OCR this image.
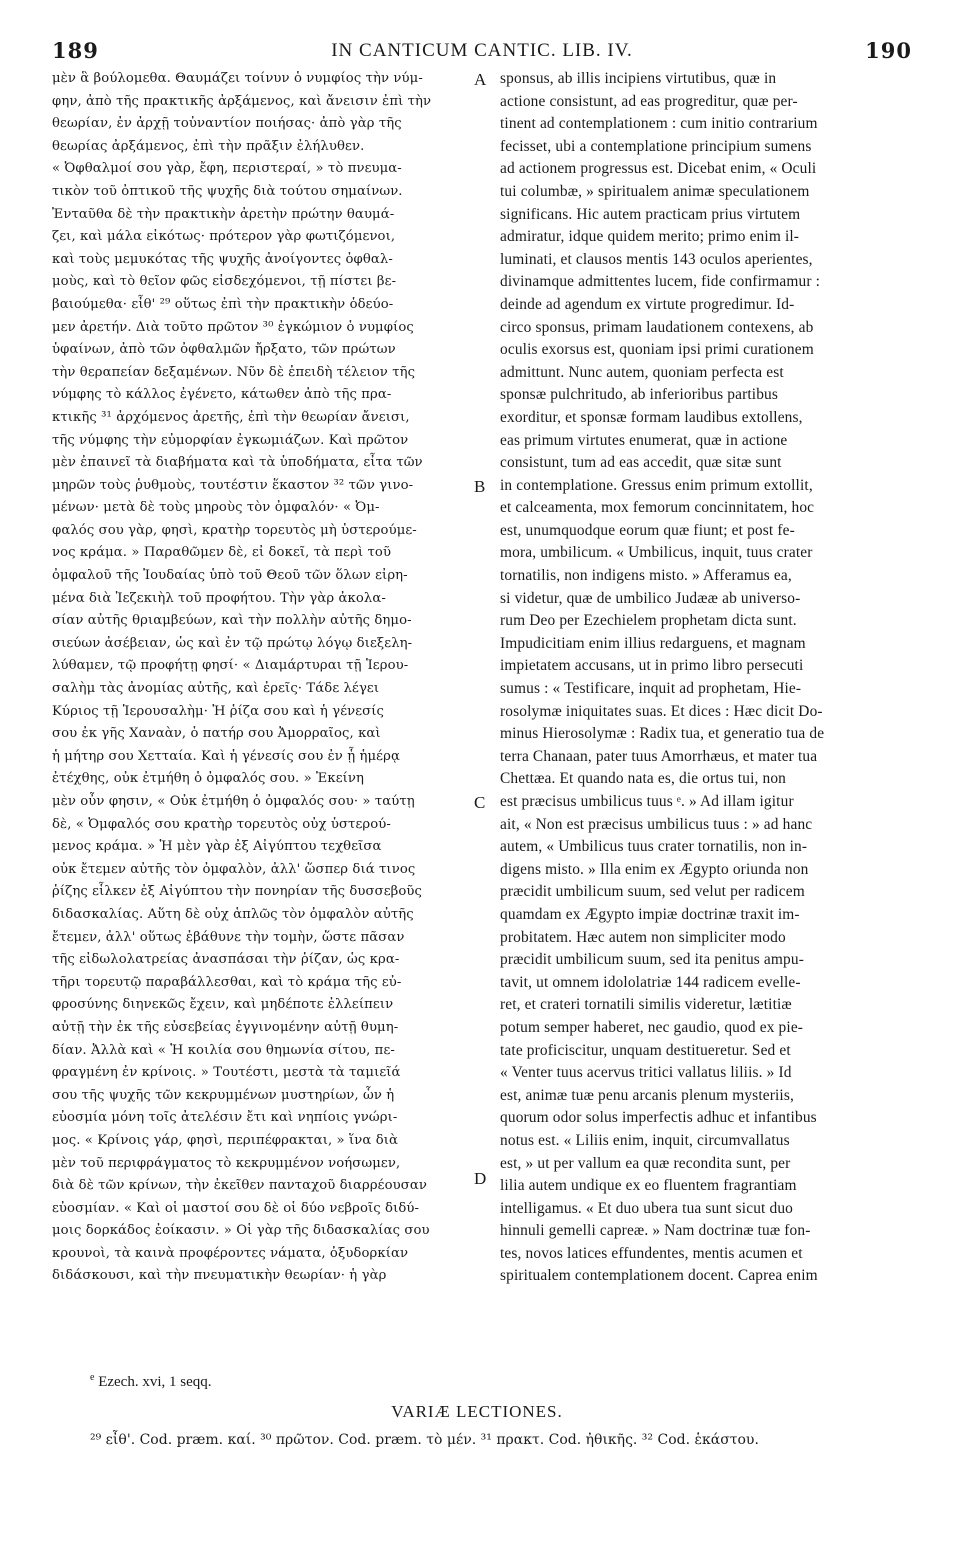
189	IN CANTICUM CANTIC. LIB. IV.	190
μὲν ἃ βούλομεθα. Θαυμάζει τοίνυν ὁ νυμφίος τὴν νύμ-
φην, ἀπὸ τῆς πρακτικῆς ἀρξάμενος, καὶ ἄνεισιν ἐπὶ τὴν
θεωρίαν, ἐν ἀρχῇ τοὐναντίον ποιήσας· ἀπὸ γὰρ τῆς
θεωρίας ἀρξάμενος, ἐπὶ τὴν πρᾶξιν ἐλήλυθεν.
« Ὀφθαλμοί σου γὰρ, ἔφη, περιστεραί, » τὸ πνευμα-
τικὸν τοῦ ὀπτικοῦ τῆς ψυχῆς διὰ τούτου σημαίνων.
Ἐνταῦθα δὲ τὴν πρακτικὴν ἀρετὴν πρώτην θαυμά-
ζει, καὶ μάλα εἰκότως· πρότερον γὰρ φωτιζόμενοι,
καὶ τοὺς μεμυκότας τῆς ψυχῆς ἀνοίγοντες ὀφθαλ-
μοὺς, καὶ τὸ θεῖον φῶς εἰσδεχόμενοι, τῇ πίστει βε-
βαιούμεθα· εἶθ' ²⁹ οὕτως ἐπὶ τὴν πρακτικὴν ὁδεύο-
μεν ἀρετήν. Διὰ τοῦτο πρῶτον ³⁰ ἐγκώμιον ὁ νυμφίος
ὑφαίνων, ἀπὸ τῶν ὀφθαλμῶν ἤρξατο, τῶν πρώτων
τὴν θεραπείαν δεξαμένων. Νῦν δὲ ἐπειδὴ τέλειον τῆς
νύμφης τὸ κάλλος ἐγένετο, κάτωθεν ἀπὸ τῆς πρα-
κτικῆς ³¹ ἀρχόμενος ἀρετῆς, ἐπὶ τὴν θεωρίαν ἄνεισι,
τῆς νύμφης τὴν εὐμορφίαν ἐγκωμιάζων. Καὶ πρῶτον
μὲν ἐπαινεῖ τὰ διαβήματα καὶ τὰ ὑποδήματα, εἶτα τῶν
μηρῶν τοὺς ῥυθμοὺς, τουτέστιν ἕκαστον ³² τῶν γινο-
μένων· μετὰ δὲ τοὺς μηροὺς τὸν ὀμφαλόν· « Ὀμ-
φαλός σου γὰρ, φησὶ, κρατὴρ τορευτὸς μὴ ὑστερούμε-
νος κράμα. » Παραθῶμεν δὲ, εἰ δοκεῖ, τὰ περὶ τοῦ
ὀμφαλοῦ τῆς Ἰουδαίας ὑπὸ τοῦ Θεοῦ τῶν ὅλων εἰρη-
μένα διὰ Ἰεζεκιὴλ τοῦ προφήτου. Τὴν γὰρ ἀκολα-
σίαν αὐτῆς θριαμβεύων, καὶ τὴν πολλὴν αὐτῆς δημο-
σιεύων ἀσέβειαν, ὡς καὶ ἐν τῷ πρώτῳ λόγῳ διεξελη-
λύθαμεν, τῷ προφήτῃ φησί· « Διαμάρτυραι τῇ Ἱερου-
σαλὴμ τὰς ἀνομίας αὐτῆς, καὶ ἐρεῖς· Τάδε λέγει
Κύριος τῇ Ἱερουσαλὴμ· Ἡ ῥίζα σου καὶ ἡ γένεσίς
σου ἐκ γῆς Χαναὰν, ὁ πατήρ σου Ἀμορραῖος, καὶ
ἡ μήτηρ σου Χετταία. Καὶ ἡ γένεσίς σου ἐν ᾗ ἡμέρᾳ
ἐτέχθης, οὐκ ἐτμήθη ὁ ὀμφαλός σου. » Ἐκείνη
μὲν οὖν φησιν, « Οὐκ ἐτμήθη ὁ ὀμφαλός σου· » ταύτῃ
δὲ, « Ὀμφαλός σου κρατὴρ τορευτὸς οὐχ ὑστερού-
μενος κράμα. » Ἡ μὲν γὰρ ἐξ Αἰγύπτου τεχθεῖσα
οὐκ ἔτεμεν αὐτῆς τὸν ὀμφαλὸν, ἀλλ' ὥσπερ διά τινος
ῥίζης εἷλκεν ἐξ Αἰγύπτου τὴν πονηρίαν τῆς δυσσεβοῦς
διδασκαλίας. Αὕτη δὲ οὐχ ἁπλῶς τὸν ὀμφαλὸν αὐτῆς
ἔτεμεν, ἀλλ' οὕτως ἐβάθυνε τὴν τομὴν, ὥστε πᾶσαν
τῆς εἰδωλολατρείας ἀνασπάσαι τὴν ῥίζαν, ὡς κρα-
τῆρι τορευτῷ παραβάλλεσθαι, καὶ τὸ κράμα τῆς εὐ-
φροσύνης διηνεκῶς ἔχειν, καὶ μηδέποτε ἐλλείπειν
αὐτῇ τὴν ἐκ τῆς εὐσεβείας ἐγγινομένην αὐτῇ θυμη-
δίαν. Ἀλλὰ καὶ « Ἡ κοιλία σου θημωνία σίτου, πε-
φραγμένη ἐν κρίνοις. » Τουτέστι, μεστὰ τὰ ταμιεῖά
σου τῆς ψυχῆς τῶν κεκρυμμένων μυστηρίων, ὧν ἡ
εὐοσμία μόνη τοῖς ἀτελέσιν ἔτι καὶ νηπίοις γνώρι-
μος. « Κρίνοις γάρ, φησὶ, περιπέφρακται, » ἵνα διὰ
μὲν τοῦ περιφράγματος τὸ κεκρυμμένον νοήσωμεν,
διὰ δὲ τῶν κρίνων, τὴν ἐκεῖθεν πανταχοῦ διαρρέουσαν
εὐοσμίαν. « Καὶ οἱ μαστοί σου δὲ οἱ δύο νεβροῖς διδύ-
μοις δορκάδος ἐοίκασιν. » Οἱ γὰρ τῆς διδασκαλίας σου
κρουνοὶ, τὰ καινὰ προφέροντες νάματα, ὀξυδορκίαν
διδάσκουσι, καὶ τὴν πνευματικὴν θεωρίαν· ἡ γὰρ
A
B
C
D
sponsus, ab illis incipiens virtutibus, quæ in
actione consistunt, ad eas progreditur, quæ per-
tinent ad contemplationem : cum initio contrarium
fecisset, ubi a contemplatione principium sumens
ad actionem progressus est. Dicebat enim, « Oculi
tui columbæ, » spiritualem animæ speculationem
significans. Hic autem practicam prius virtutem
admiratur, idque quidem merito; primo enim il-
luminati, et clausos mentis 143 oculos aperientes,
divinamque admittentes lucem, fide confirmamur :
deinde ad agendum ex virtute progredimur. Id-
circo sponsus, primam laudationem contexens, ab
oculis exorsus est, quoniam ipsi primi curationem
admittunt. Nunc autem, quoniam perfecta est
sponsæ pulchritudo, ab inferioribus partibus
exorditur, et sponsæ formam laudibus extollens,
eas primum virtutes enumerat, quæ in actione
consistunt, tum ad eas accedit, quæ sitæ sunt
in contemplatione. Gressus enim primum extollit,
et calceamenta, mox femorum concinnitatem, hoc
est, unumquodque eorum quæ fiunt; et post fe-
mora, umbilicum. « Umbilicus, inquit, tuus crater
tornatilis, non indigens misto. » Afferamus ea,
si videtur, quæ de umbilico Judææ ab universo-
rum Deo per Ezechielem prophetam dicta sunt.
Impudicitiam enim illius redarguens, et magnam
impietatem accusans, ut in primo libro persecuti
sumus : « Testificare, inquit ad prophetam, Hie-
rosolymæ iniquitates suas. Et dices : Hæc dicit Do-
minus Hierosolymæ : Radix tua, et generatio tua de
terra Chanaan, pater tuus Amorrhæus, et mater tua
Chettæa. Et quando nata es, die ortus tui, non
est præcisus umbilicus tuus ᵉ. » Ad illam igitur
ait, « Non est præcisus umbilicus tuus : » ad hanc
autem, « Umbilicus tuus crater tornatilis, non in-
digens misto. » Illa enim ex Ægypto oriunda non
præcidit umbilicum suum, sed velut per radicem
quamdam ex Ægypto impiæ doctrinæ traxit im-
probitatem. Hæc autem non simpliciter modo
præcidit umbilicum suum, sed ita penitus ampu-
tavit, ut omnem idololatriæ 144 radicem evelle-
ret, et crateri tornatili similis videretur, lætitiæ
potum semper haberet, nec gaudio, quod ex pie-
tate proficiscitur, unquam destitueretur. Sed et
« Venter tuus acervus tritici vallatus liliis. » Id
est, animæ tuæ penu arcanis plenum mysteriis,
quorum odor solus imperfectis adhuc et infantibus
notus est. « Liliis enim, inquit, circumvallatus
est, » ut per vallum ea quæ recondita sunt, per
lilia autem undique ex eo fluentem fragrantiam
intelligamus. « Et duo ubera tua sunt sicut duo
hinnuli gemelli capreæ. » Nam doctrinæ tuæ fon-
tes, novos latices effundentes, mentis acumen et
spiritualem contemplationem docent. Caprea enim
$^e$ Ezech. xvi, 1 seqq.
VARIÆ LECTIONES.
²⁹ εἶθ'. Cod. præm. καί. ³⁰ πρῶτον. Cod. præm. τὸ μέν. ³¹ πρακτ. Cod. ἠθικῆς. ³² Cod. ἑκάστου.
